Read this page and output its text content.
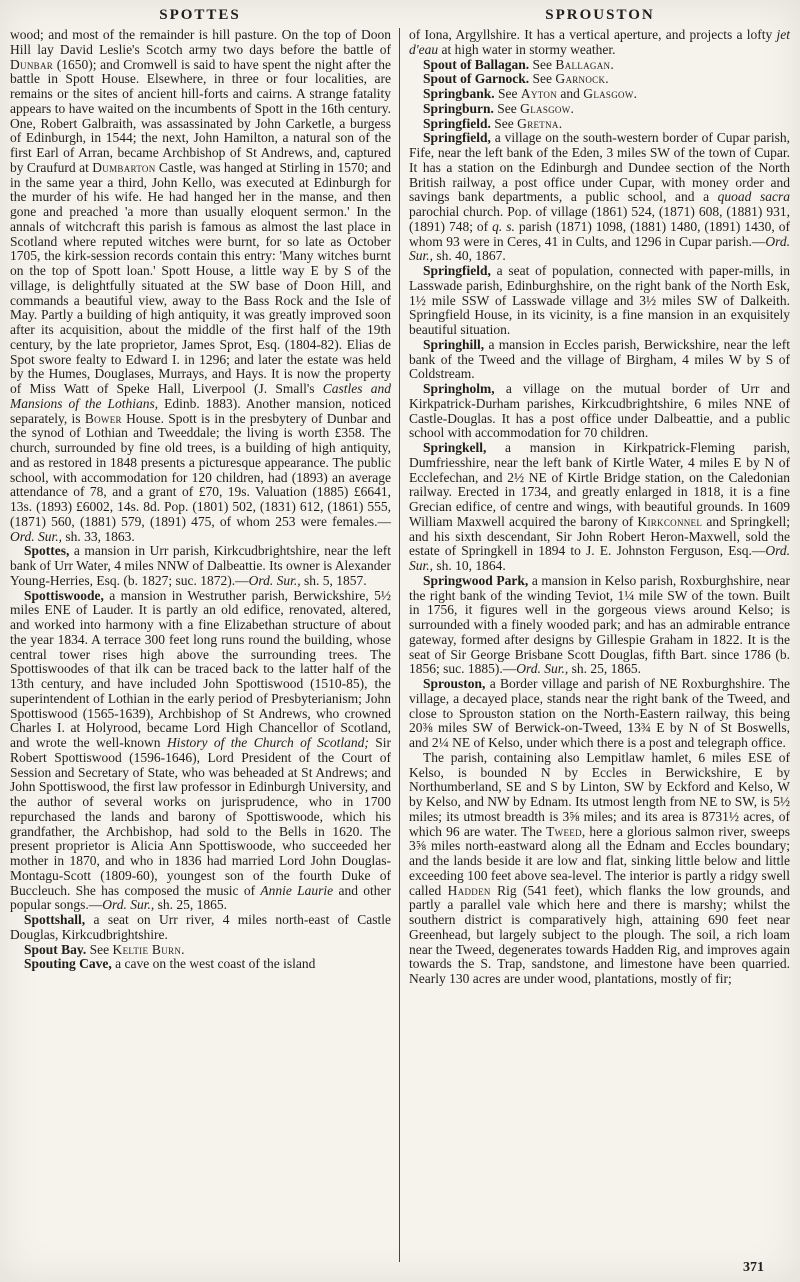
SPOTTES	SPROUSTON

wood; and most of the remainder is hill pasture. On the top of Doon Hill lay David Leslie's Scotch army two days before the battle of Dunbar (1650); and Cromwell is said to have spent the night after the battle in Spott House. Elsewhere, in three or four localities, are remains or the sites of ancient hill-forts and cairns. A strange fatality appears to have waited on the incumbents of Spott in the 16th century. One, Robert Galbraith, was assassinated by John Carketle, a burgess of Edinburgh, in 1544; the next, John Hamilton, a natural son of the first Earl of Arran, became Archbishop of St Andrews, and, captured by Craufurd at Dumbarton Castle, was hanged at Stirling in 1570; and in the same year a third, John Kello, was executed at Edinburgh for the murder of his wife. He had hanged her in the manse, and then gone and preached 'a more than usually eloquent sermon.' In the annals of witchcraft this parish is famous as almost the last place in Scotland where reputed witches were burnt, for so late as October 1705, the kirk-session records contain this entry: 'Many witches burnt on the top of Spott loan.' Spott House, a little way E by S of the village, is delightfully situated at the SW base of Doon Hill, and commands a beautiful view, away to the Bass Rock and the Isle of May. Partly a building of high antiquity, it was greatly improved soon after its acquisition, about the middle of the first half of the 19th century, by the late proprietor, James Sprot, Esq. (1804-82). Elias de Spot swore fealty to Edward I. in 1296; and later the estate was held by the Humes, Douglases, Murrays, and Hays. It is now the property of Miss Watt of Speke Hall, Liverpool (J. Small's Castles and Mansions of the Lothians, Edinb. 1883). Another mansion, noticed separately, is Bower House. Spott is in the presbytery of Dunbar and the synod of Lothian and Tweeddale; the living is worth £358. The church, surrounded by fine old trees, is a building of high antiquity, and as restored in 1848 presents a picturesque appearance. The public school, with accommodation for 120 children, had (1893) an average attendance of 78, and a grant of £70, 19s. Valuation (1885) £6641, 13s. (1893) £6002, 14s. 8d. Pop. (1801) 502, (1831) 612, (1861) 555, (1871) 560, (1881) 579, (1891) 475, of whom 253 were females.—Ord. Sur., sh. 33, 1863.

Spottes, a mansion in Urr parish, Kirkcudbrightshire, near the left bank of Urr Water, 4 miles NNW of Dalbeattie. Its owner is Alexander Young-Herries, Esq. (b. 1827; suc. 1872).—Ord. Sur., sh. 5, 1857.

Spottiswoode, a mansion in Westruther parish, Berwickshire, 5½ miles ENE of Lauder. It is partly an old edifice, renovated, altered, and worked into harmony with a fine Elizabethan structure of about the year 1834. A terrace 300 feet long runs round the building, whose central tower rises high above the surrounding trees. The Spottiswoodes of that ilk can be traced back to the latter half of the 13th century, and have included John Spottiswood (1510-85), the superintendent of Lothian in the early period of Presbyterianism; John Spottiswood (1565-1639), Archbishop of St Andrews, who crowned Charles I. at Holyrood, became Lord High Chancellor of Scotland, and wrote the well-known History of the Church of Scotland; Sir Robert Spottiswood (1596-1646), Lord President of the Court of Session and Secretary of State, who was beheaded at St Andrews; and John Spottiswood, the first law professor in Edinburgh University, and the author of several works on jurisprudence, who in 1700 repurchased the lands and barony of Spottiswoode, which his grandfather, the Archbishop, had sold to the Bells in 1620. The present proprietor is Alicia Ann Spottiswoode, who succeeded her mother in 1870, and who in 1836 had married Lord John Douglas-Montagu-Scott (1809-60), youngest son of the fourth Duke of Buccleuch. She has composed the music of Annie Laurie and other popular songs.—Ord. Sur., sh. 25, 1865.

Spottshall, a seat on Urr river, 4 miles north-east of Castle Douglas, Kirkcudbrightshire.

Spout Bay. See Keltie Burn.

Spouting Cave, a cave on the west coast of the island

of Iona, Argyllshire. It has a vertical aperture, and projects a lofty jet d'eau at high water in stormy weather.

Spout of Ballagan. See Ballagan.

Spout of Garnock. See Garnock.

Springbank. See Ayton and Glasgow.

Springburn. See Glasgow.

Springfield. See Gretna.

Springfield, a village on the south-western border of Cupar parish, Fife, near the left bank of the Eden, 3 miles SW of the town of Cupar. It has a station on the Edinburgh and Dundee section of the North British railway, a post office under Cupar, with money order and savings bank departments, a public school, and a quoad sacra parochial church. Pop. of village (1861) 524, (1871) 608, (1881) 931, (1891) 748; of q. s. parish (1871) 1098, (1881) 1480, (1891) 1430, of whom 93 were in Ceres, 41 in Cults, and 1296 in Cupar parish.—Ord. Sur., sh. 40, 1867.

Springfield, a seat of population, connected with paper-mills, in Lasswade parish, Edinburghshire, on the right bank of the North Esk, 1½ mile SSW of Lasswade village and 3½ miles SW of Dalkeith. Springfield House, in its vicinity, is a fine mansion in an exquisitely beautiful situation.

Springhill, a mansion in Eccles parish, Berwickshire, near the left bank of the Tweed and the village of Birgham, 4 miles W by S of Coldstream.

Springholm, a village on the mutual border of Urr and Kirkpatrick-Durham parishes, Kirkcudbrightshire, 6 miles NNE of Castle-Douglas. It has a post office under Dalbeattie, and a public school with accommodation for 70 children.

Springkell, a mansion in Kirkpatrick-Fleming parish, Dumfriesshire, near the left bank of Kirtle Water, 4 miles E by N of Ecclefechan, and 2½ NE of Kirtle Bridge station, on the Caledonian railway. Erected in 1734, and greatly enlarged in 1818, it is a fine Grecian edifice, of centre and wings, with beautiful grounds. In 1609 William Maxwell acquired the barony of Kirkconnel and Springkell; and his sixth descendant, Sir John Robert Heron-Maxwell, sold the estate of Springkell in 1894 to J. E. Johnston Ferguson, Esq.—Ord. Sur., sh. 10, 1864.

Springwood Park, a mansion in Kelso parish, Roxburghshire, near the right bank of the winding Teviot, 1¼ mile SW of the town. Built in 1756, it figures well in the gorgeous views around Kelso; is surrounded with a finely wooded park; and has an admirable entrance gateway, formed after designs by Gillespie Graham in 1822. It is the seat of Sir George Brisbane Scott Douglas, fifth Bart. since 1786 (b. 1856; suc. 1885).—Ord. Sur., sh. 25, 1865.

Sprouston, a Border village and parish of NE Roxburghshire. The village, a decayed place, stands near the right bank of the Tweed, and close to Sprouston station on the North-Eastern railway, this being 20⅜ miles SW of Berwick-on-Tweed, 13¾ E by N of St Boswells, and 2¼ NE of Kelso, under which there is a post and telegraph office.

The parish, containing also Lempitlaw hamlet, 6 miles ESE of Kelso, is bounded N by Eccles in Berwickshire, E by Northumberland, SE and S by Linton, SW by Eckford and Kelso, W by Kelso, and NW by Ednam. Its utmost length from NE to SW, is 5½ miles; its utmost breadth is 3⅝ miles; and its area is 8731½ acres, of which 96 are water. The Tweed, here a glorious salmon river, sweeps 3⅝ miles north-eastward along all the Ednam and Eccles boundary; and the lands beside it are low and flat, sinking little below and little exceeding 100 feet above sea-level. The interior is partly a ridgy swell called Hadden Rig (541 feet), which flanks the low grounds, and partly a parallel vale which here and there is marshy; whilst the southern district is comparatively high, attaining 690 feet near Greenhead, but largely subject to the plough. The soil, a rich loam near the Tweed, degenerates towards Hadden Rig, and improves again towards the S. Trap, sandstone, and limestone have been quarried. Nearly 130 acres are under wood, plantations, mostly of fir;

371
